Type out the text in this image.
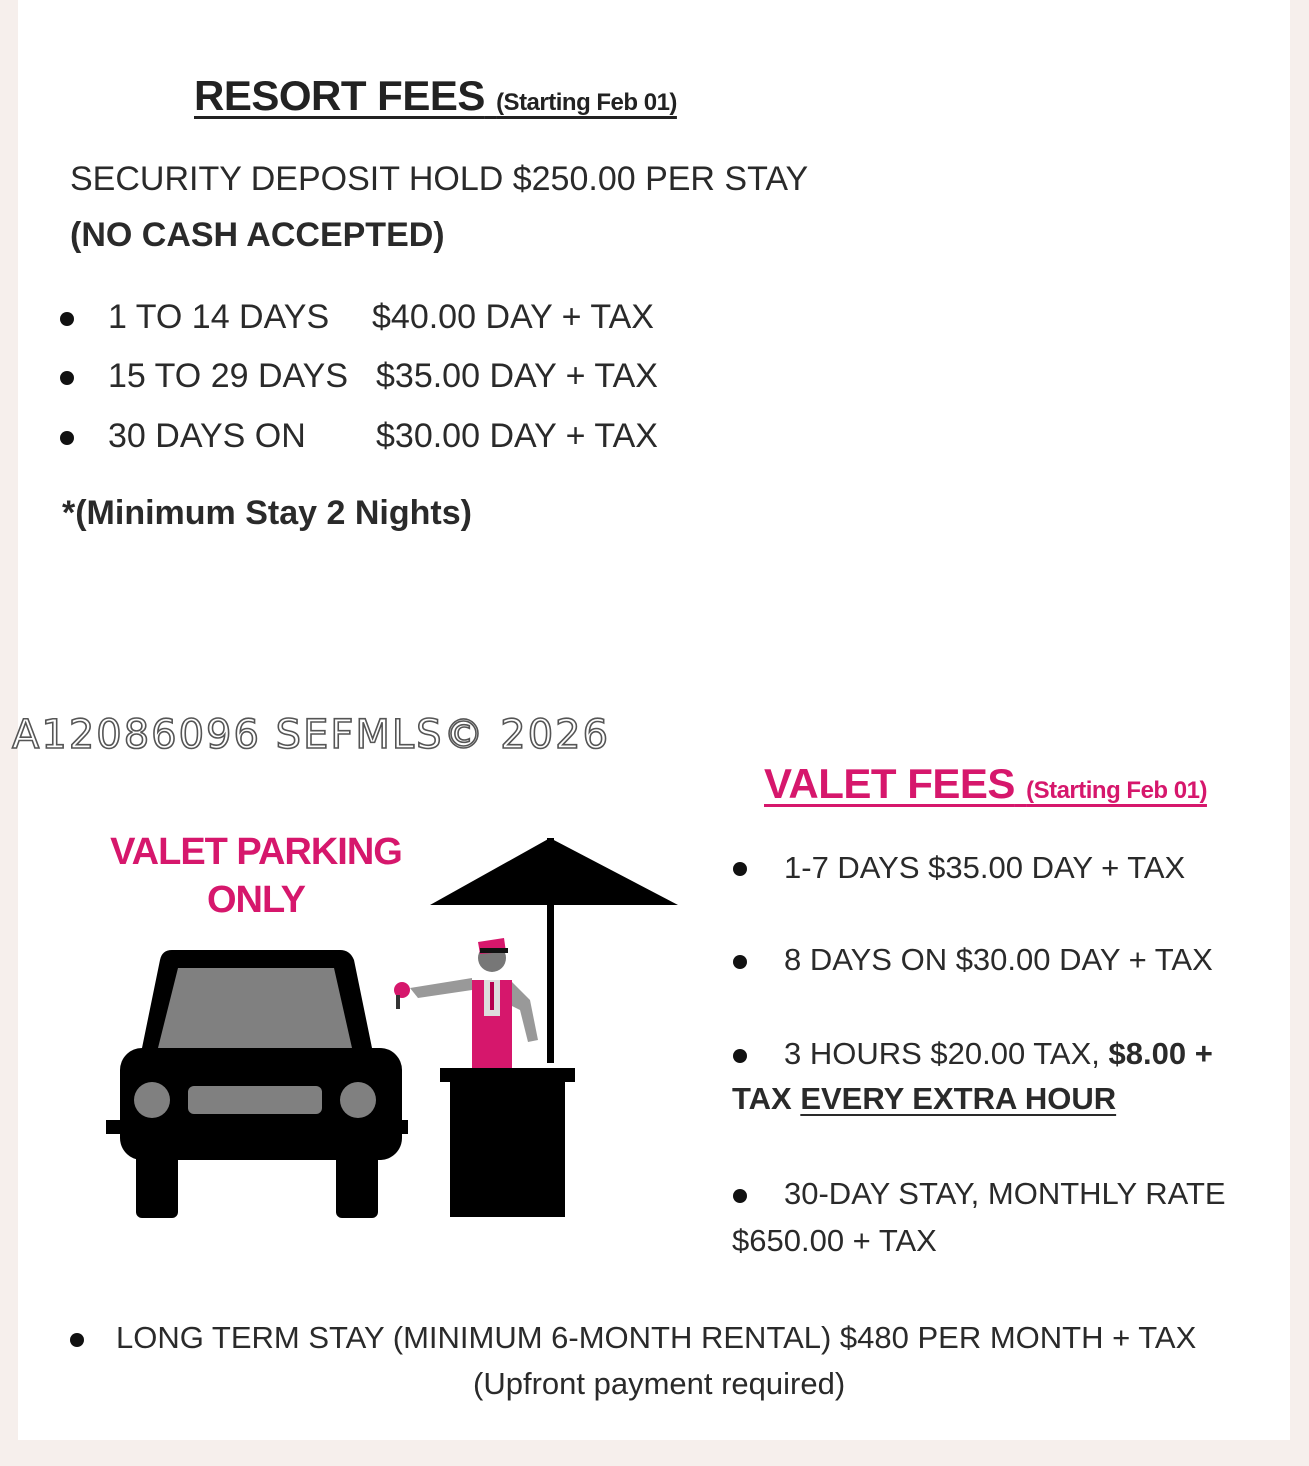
RESORT FEES (Starting Feb 01)
SECURITY DEPOSIT HOLD $250.00 PER STAY
(NO CASH ACCEPTED)
1 TO 14 DAYS $40.00 DAY + TAX
15 TO 29 DAYS $35.00 DAY + TAX
30 DAYS ON $30.00 DAY + TAX
*(Minimum Stay 2 Nights)
A12086096 SEFMLS© 2026
VALET PARKING
ONLY
VALET FEES (Starting Feb 01)
1-7 DAYS $35.00 DAY + TAX
8 DAYS ON $30.00 DAY + TAX
3 HOURS $20.00 TAX, $8.00 +
TAX EVERY EXTRA HOUR
30-DAY STAY, MONTHLY RATE
$650.00 + TAX
LONG TERM STAY (MINIMUM 6-MONTH RENTAL) $480 PER MONTH + TAX
(Upfront payment required)
